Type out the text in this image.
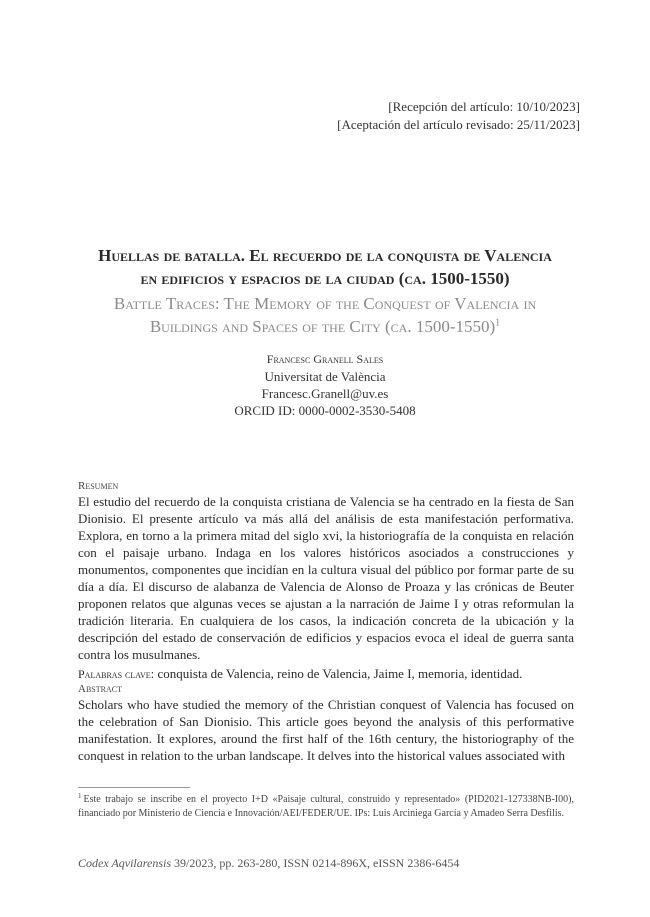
[Recepción del artículo: 10/10/2023]
[Aceptación del artículo revisado: 25/11/2023]
Huellas de batalla. El recuerdo de la conquista de Valencia
en edificios y espacios de la ciudad (ca. 1500-1550)
Battle Traces: The Memory of the Conquest of Valencia in
Buildings and Spaces of the City (ca. 1500-1550)$^1$
Francesc Granell Sales
Universitat de València
Francesc.Granell@uv.es
ORCID ID: 0000-0002-3530-5408
Resumen
El estudio del recuerdo de la conquista cristiana de Valencia se ha centrado en la fiesta de San Dionisio. El presente artículo va más allá del análisis de esta manifestación performativa. Explora, en torno a la primera mitad del siglo xvi, la historiografía de la conquista en relación con el paisaje urbano. Indaga en los valores históricos asociados a construcciones y monumentos, componentes que incidían en la cultura visual del público por formar parte de su día a día. El discurso de alabanza de Valencia de Alonso de Proaza y las crónicas de Beuter proponen relatos que algunas veces se ajustan a la narración de Jaime I y otras reformulan la tradición literaria. En cualquiera de los casos, la indicación concreta de la ubicación y la descripción del estado de conservación de edificios y espacios evoca el ideal de guerra santa contra los musulmanes.
Palabras clave: conquista de Valencia, reino de Valencia, Jaime I, memoria, identidad.
Abstract
Scholars who have studied the memory of the Christian conquest of Valencia has focused on the celebration of San Dionisio. This article goes beyond the analysis of this performative manifestation. It explores, around the first half of the 16th century, the historiography of the conquest in relation to the urban landscape. It delves into the historical values associated with
$^1$ Este trabajo se inscribe en el proyecto I+D «Paisaje cultural, construido y representado» (PID2021-127338NB-I00), financiado por Ministerio de Ciencia e Innovación/AEI/FEDER/UE. IPs: Luis Arciniega García y Amadeo Serra Desfilis.
Codex Aqvilarensis 39/2023, pp. 263-280, ISSN 0214-896X, eISSN 2386-6454
